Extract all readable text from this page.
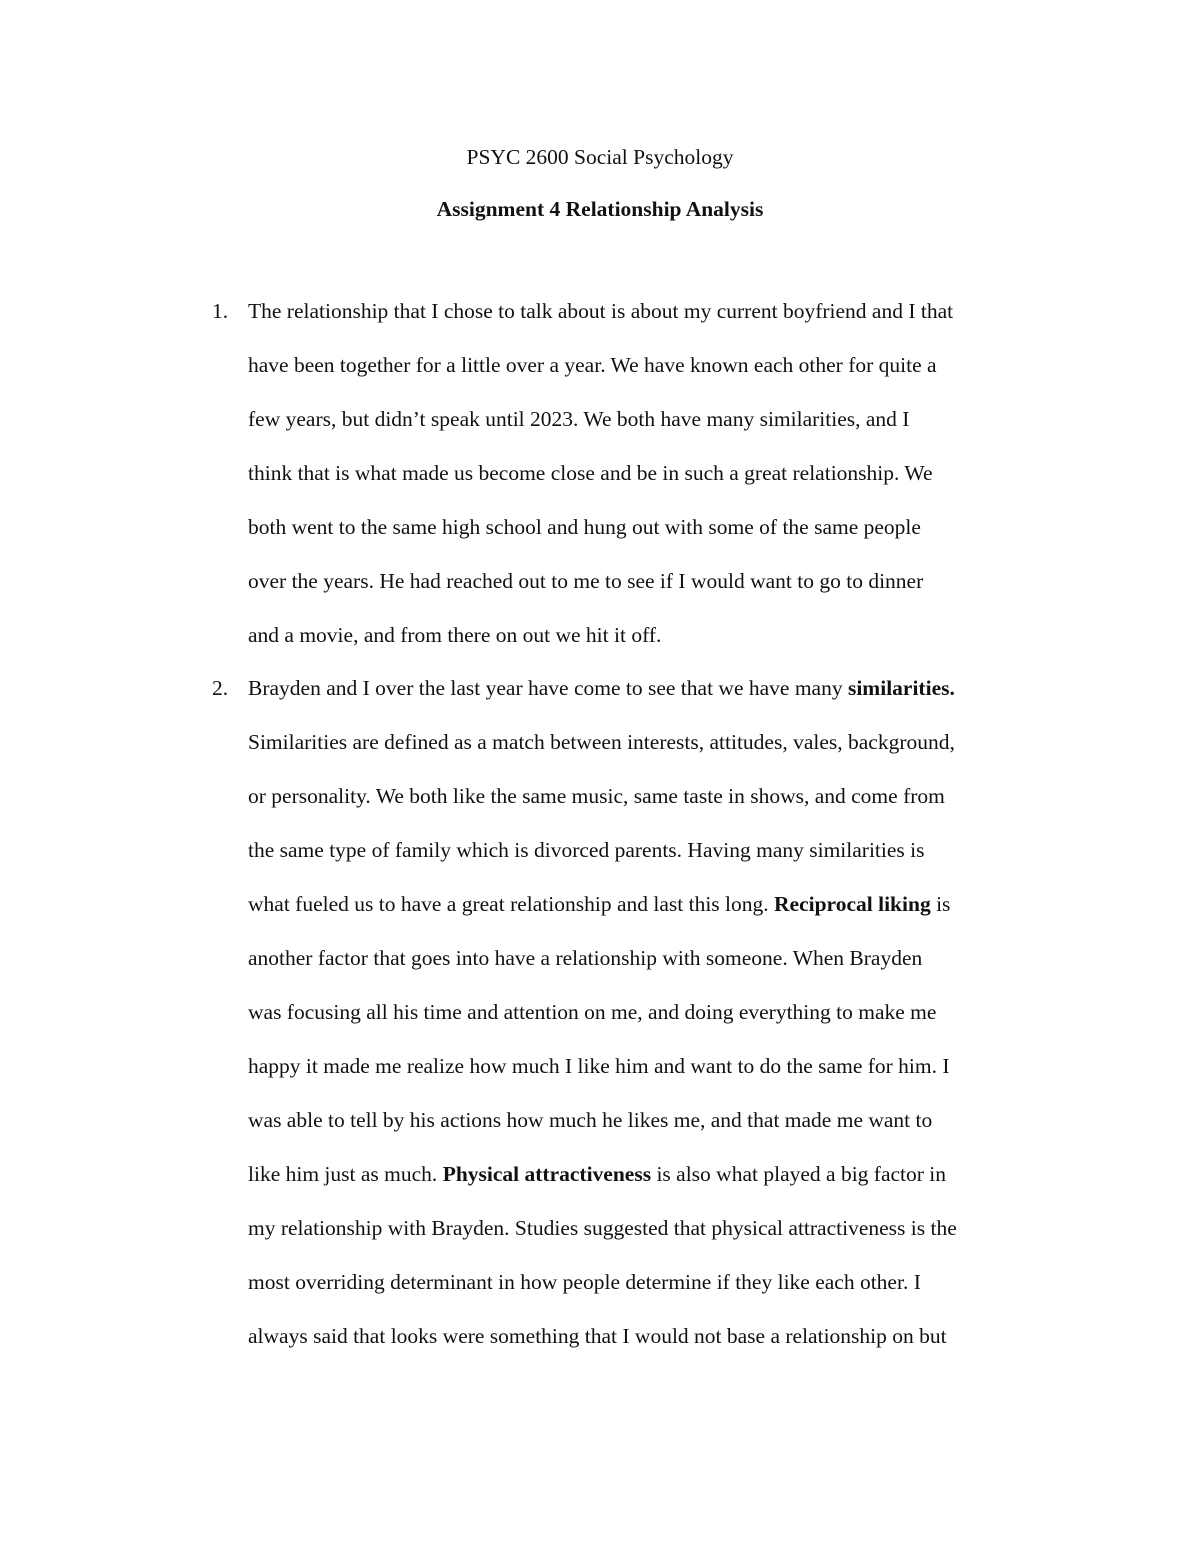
PSYC 2600 Social Psychology
Assignment 4 Relationship Analysis
1. The relationship that I chose to talk about is about my current boyfriend and I that
have been together for a little over a year. We have known each other for quite a
few years, but didn’t speak until 2023. We both have many similarities, and I
think that is what made us become close and be in such a great relationship. We
both went to the same high school and hung out with some of the same people
over the years. He had reached out to me to see if I would want to go to dinner
and a movie, and from there on out we hit it off.
2. Brayden and I over the last year have come to see that we have many similarities.
Similarities are defined as a match between interests, attitudes, vales, background,
or personality. We both like the same music, same taste in shows, and come from
the same type of family which is divorced parents. Having many similarities is
what fueled us to have a great relationship and last this long. Reciprocal liking is
another factor that goes into have a relationship with someone. When Brayden
was focusing all his time and attention on me, and doing everything to make me
happy it made me realize how much I like him and want to do the same for him. I
was able to tell by his actions how much he likes me, and that made me want to
like him just as much. Physical attractiveness is also what played a big factor in
my relationship with Brayden. Studies suggested that physical attractiveness is the
most overriding determinant in how people determine if they like each other. I
always said that looks were something that I would not base a relationship on but
